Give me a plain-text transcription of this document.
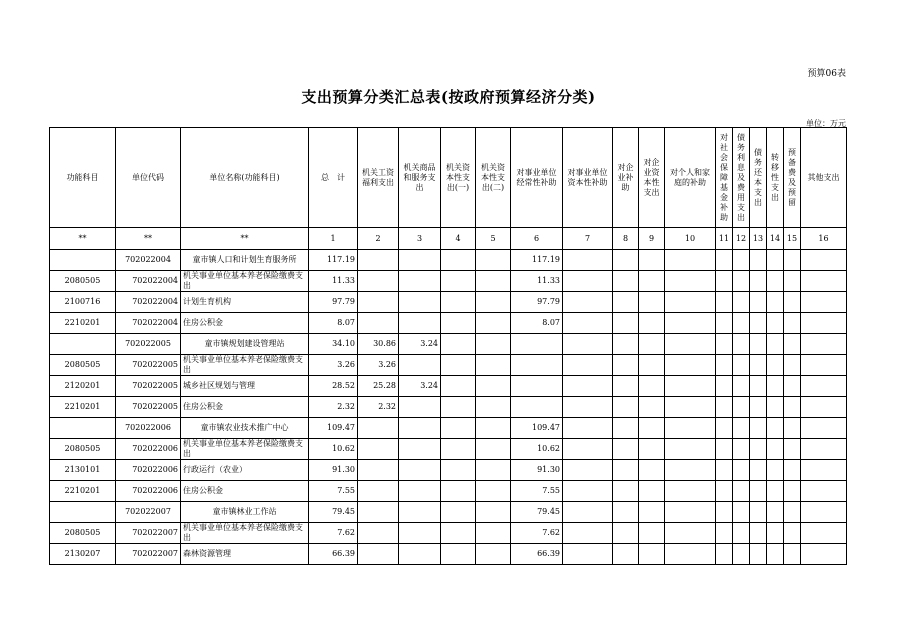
预算06表
支出预算分类汇总表(按政府预算经济分类)
单位：万元
功能科目	单位代码	单位名称(功能科目)	总　计	机关工资福利支出	机关商品和服务支出	机关资本性支出(一)	机关资本性支出(二)	对事业单位经常性补助	对事业单位资本性补助	对企业补助	对企业资本性支出	对个人和家庭的补助	对社会保障基金补助	债务利息及费用支出	债务还本支出	转移性支出	预备费及预留	其他支出
**	**	**	1	2	3	4	5	6	7	8	9	10	11	12	13	14	15	16
	702022004	童市镇人口和计划生育服务所	117.19					117.19										
2080505	702022004	机关事业单位基本养老保险缴费支出	11.33					11.33										
2100716	702022004	计划生育机构	97.79					97.79										
2210201	702022004	住房公积金	8.07					8.07										
	702022005	童市镇规划建设管理站	34.10	30.86	3.24													
2080505	702022005	机关事业单位基本养老保险缴费支出	3.26	3.26														
2120201	702022005	城乡社区规划与管理	28.52	25.28	3.24													
2210201	702022005	住房公积金	2.32	2.32														
	702022006	童市镇农业技术推广中心	109.47					109.47										
2080505	702022006	机关事业单位基本养老保险缴费支出	10.62					10.62										
2130101	702022006	行政运行（农业）	91.30					91.30										
2210201	702022006	住房公积金	7.55					7.55										
	702022007	童市镇林业工作站	79.45					79.45										
2080505	702022007	机关事业单位基本养老保险缴费支出	7.62					7.62										
2130207	702022007	森林资源管理	66.39					66.39										
